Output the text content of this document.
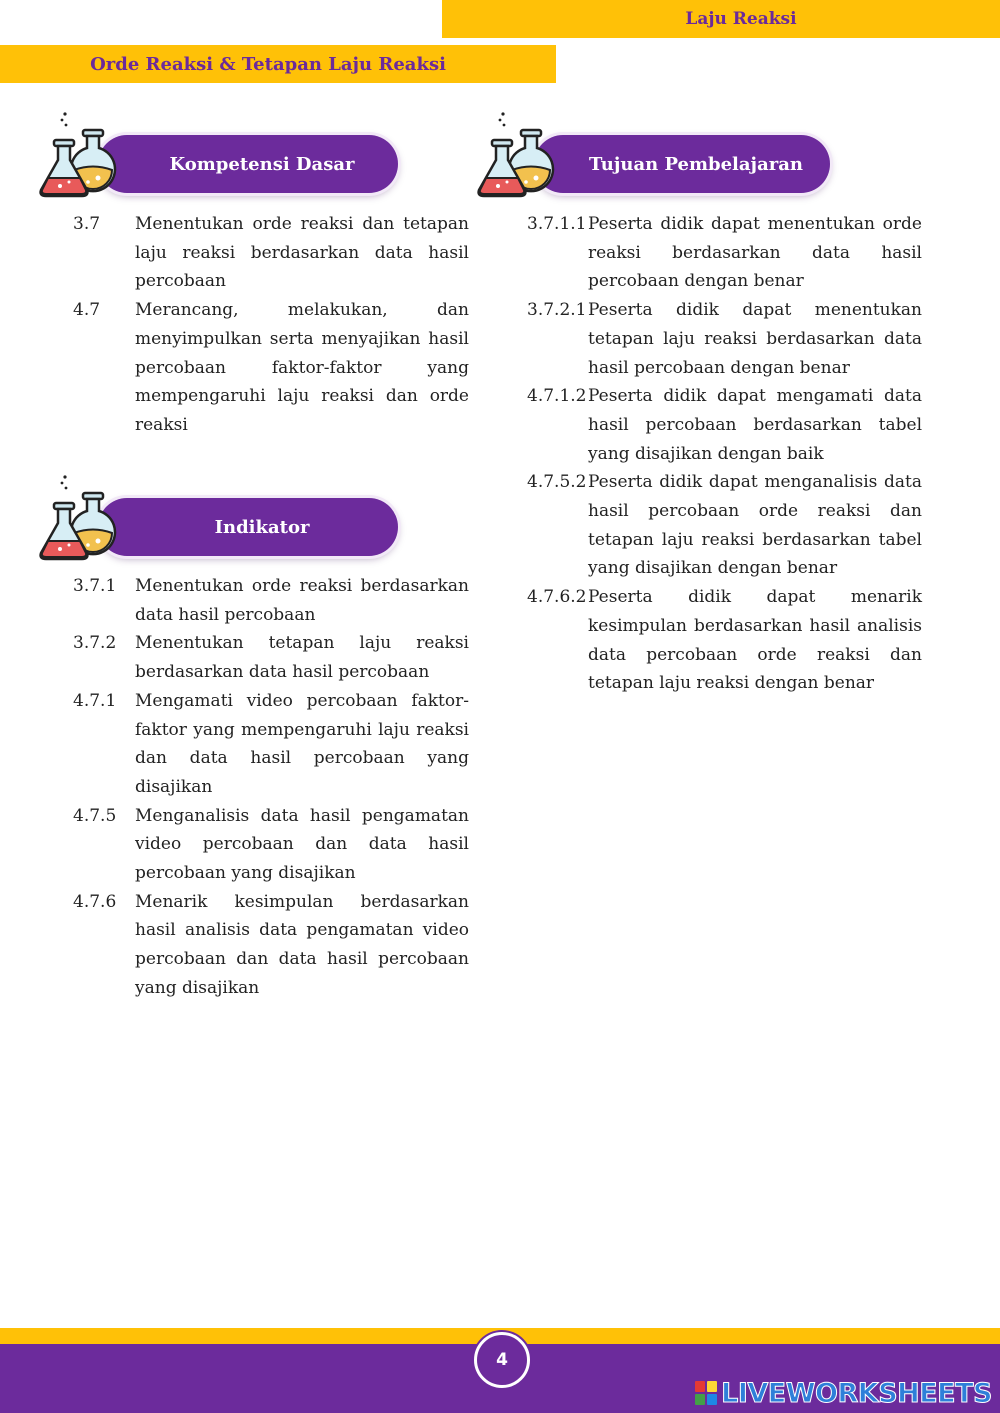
Laju Reaksi
Orde Reaksi & Tetapan Laju Reaksi
Kompetensi Dasar	Tujuan Pembelajaran
Indikator
3.7	Menentukan orde reaksi dan tetapan laju reaksi berdasarkan data hasil percobaan
4.7	Merancang, melakukan, dan menyimpulkan serta menyajikan hasil percobaan faktor-faktor yang mempengaruhi laju reaksi dan orde reaksi
3.7.1	Menentukan orde reaksi berdasarkan data hasil percobaan
3.7.2	Menentukan tetapan laju reaksi berdasarkan data hasil percobaan
4.7.1	Mengamati video percobaan faktor-faktor yang mempengaruhi laju reaksi dan data hasil percobaan yang disajikan
4.7.5	Menganalisis data hasil pengamatan video percobaan dan data hasil percobaan yang disajikan
4.7.6	Menarik kesimpulan berdasarkan hasil analisis data pengamatan video percobaan dan data hasil percobaan yang disajikan
3.7.1.1 Peserta didik dapat menentukan orde reaksi berdasarkan data hasil percobaan dengan benar
3.7.2.1 Peserta didik dapat menentukan tetapan laju reaksi berdasarkan data hasil percobaan dengan benar
4.7.1.2 Peserta didik dapat mengamati data hasil percobaan berdasarkan tabel yang disajikan dengan baik
4.7.5.2 Peserta didik dapat menganalisis data hasil percobaan orde reaksi dan tetapan laju reaksi berdasarkan tabel yang disajikan dengan benar
4.7.6.2 Peserta didik dapat menarik kesimpulan berdasarkan hasil analisis data percobaan orde reaksi dan tetapan laju reaksi dengan benar
4
LIVEWORKSHEETS
